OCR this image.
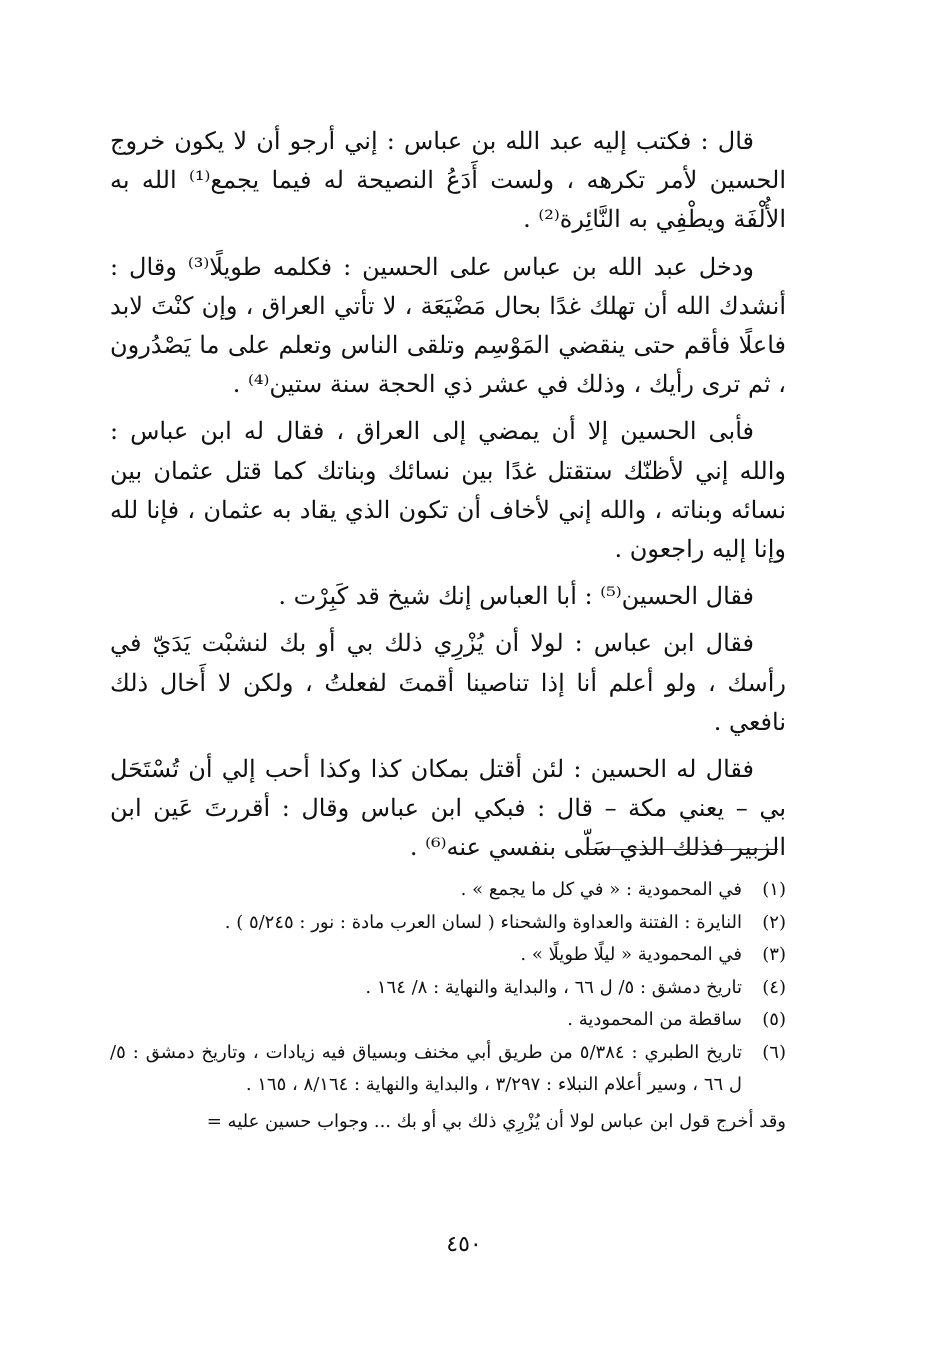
قال : فكتب إليه عبد الله بن عباس : إني أرجو أن لا يكون خروج الحسين لأمر تكرهه ، ولست أَدَعُ النصيحة له فيما يجمع⁽¹⁾ الله به الأُلْفَة ويطْفِي به النَّائِرة⁽²⁾ .

ودخل عبد الله بن عباس على الحسين : فكلمه طويلًا⁽³⁾ وقال : أنشدك الله أن تهلك غدًا بحال مَضْيَعَة ، لا تأتي العراق ، وإن كنْتَ لابد فاعلًا فأقم حتى ينقضي المَوْسِم وتلقى الناس وتعلم على ما يَصْدُرون ، ثم ترى رأيك ، وذلك في عشر ذي الحجة سنة ستين⁽⁴⁾ .

فأبى الحسين إلا أن يمضي إلى العراق ، فقال له ابن عباس : والله إني لأظنّك ستقتل غدًا بين نسائك وبناتك كما قتل عثمان بين نسائه وبناته ، والله إني لأخاف أن تكون الذي يقاد به عثمان ، فإنا لله وإنا إليه راجعون .

فقال الحسين⁽⁵⁾ : أبا العباس إنك شيخ قد كَبِرْت .

فقال ابن عباس : لولا أن يُزْرِي ذلك بي أو بك لنشبْت يَدَيّ في رأسك ، ولو أعلم أنا إذا تناصينا أقمتَ لفعلتُ ، ولكن لا أَخال ذلك نافعي .

فقال له الحسين : لئن أقتل بمكان كذا وكذا أحب إلي أن تُسْتَحَل بي – يعني مكة – قال : فبكي ابن عباس وقال : أقررتَ عَين ابن الزبير فذلك الذي سَلّى بنفسي عنه⁽⁶⁾ .

(١)
في المحمودية : « في كل ما يجمع » .
(٢)
النايرة : الفتنة والعداوة والشحناء ( لسان العرب مادة : نور : ٥/٢٤٥ ) .
(٣)
في المحمودية « ليلًا طويلًا » .
(٤)
تاريخ دمشق : ٥/ ل ٦٦ ، والبداية والنهاية : ٨/ ١٦٤ .
(٥)
ساقطة من المحمودية .
(٦)
تاريخ الطبري : ٥/٣٨٤ من طريق أبي مخنف وبسياق فيه زيادات ، وتاريخ دمشق : ٥/ ل ٦٦ ، وسير أعلام النبلاء : ٣/٢٩٧ ، والبداية والنهاية : ٨/١٦٤ ، ١٦٥ .
وقد أخرج قول ابن عباس لولا أن يُزْرِي ذلك بي أو بك ... وجواب حسين عليه =
٤٥٠
